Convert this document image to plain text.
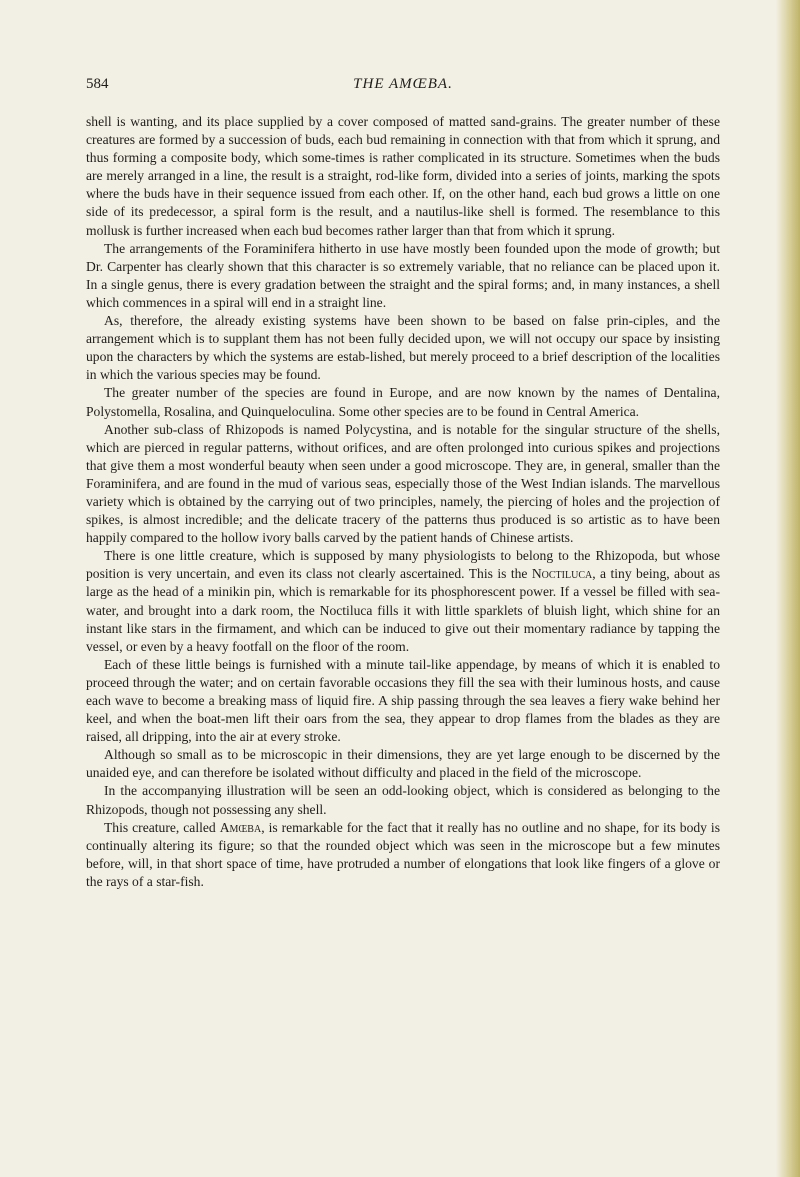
584	THE AMŒBA.

shell is wanting, and its place supplied by a cover composed of matted sand-grains. The greater number of these creatures are formed by a succession of buds, each bud remaining in connection with that from which it sprung, and thus forming a composite body, which some-times is rather complicated in its structure. Sometimes when the buds are merely arranged in a line, the result is a straight, rod-like form, divided into a series of joints, marking the spots where the buds have in their sequence issued from each other. If, on the other hand, each bud grows a little on one side of its predecessor, a spiral form is the result, and a nautilus-like shell is formed. The resemblance to this mollusk is further increased when each bud becomes rather larger than that from which it sprung.

The arrangements of the Foraminifera hitherto in use have mostly been founded upon the mode of growth; but Dr. Carpenter has clearly shown that this character is so extremely variable, that no reliance can be placed upon it. In a single genus, there is every gradation between the straight and the spiral forms; and, in many instances, a shell which commences in a spiral will end in a straight line.

As, therefore, the already existing systems have been shown to be based on false prin-ciples, and the arrangement which is to supplant them has not been fully decided upon, we will not occupy our space by insisting upon the characters by which the systems are estab-lished, but merely proceed to a brief description of the localities in which the various species may be found.

The greater number of the species are found in Europe, and are now known by the names of Dentalina, Polystomella, Rosalina, and Quinqueloculina. Some other species are to be found in Central America.

Another sub-class of Rhizopods is named Polycystina, and is notable for the singular structure of the shells, which are pierced in regular patterns, without orifices, and are often prolonged into curious spikes and projections that give them a most wonderful beauty when seen under a good microscope. They are, in general, smaller than the Foraminifera, and are found in the mud of various seas, especially those of the West Indian islands. The marvellous variety which is obtained by the carrying out of two principles, namely, the piercing of holes and the projection of spikes, is almost incredible; and the delicate tracery of the patterns thus produced is so artistic as to have been happily compared to the hollow ivory balls carved by the patient hands of Chinese artists.

There is one little creature, which is supposed by many physiologists to belong to the Rhizopoda, but whose position is very uncertain, and even its class not clearly ascertained. This is the Noctiluca, a tiny being, about as large as the head of a minikin pin, which is remarkable for its phosphorescent power. If a vessel be filled with sea-water, and brought into a dark room, the Noctiluca fills it with little sparklets of bluish light, which shine for an instant like stars in the firmament, and which can be induced to give out their momentary radiance by tapping the vessel, or even by a heavy footfall on the floor of the room.

Each of these little beings is furnished with a minute tail-like appendage, by means of which it is enabled to proceed through the water; and on certain favorable occasions they fill the sea with their luminous hosts, and cause each wave to become a breaking mass of liquid fire. A ship passing through the sea leaves a fiery wake behind her keel, and when the boat-men lift their oars from the sea, they appear to drop flames from the blades as they are raised, all dripping, into the air at every stroke.

Although so small as to be microscopic in their dimensions, they are yet large enough to be discerned by the unaided eye, and can therefore be isolated without difficulty and placed in the field of the microscope.

In the accompanying illustration will be seen an odd-looking object, which is considered as belonging to the Rhizopods, though not possessing any shell.

This creature, called Amœba, is remarkable for the fact that it really has no outline and no shape, for its body is continually altering its figure; so that the rounded object which was seen in the microscope but a few minutes before, will, in that short space of time, have protruded a number of elongations that look like fingers of a glove or the rays of a star-fish.
